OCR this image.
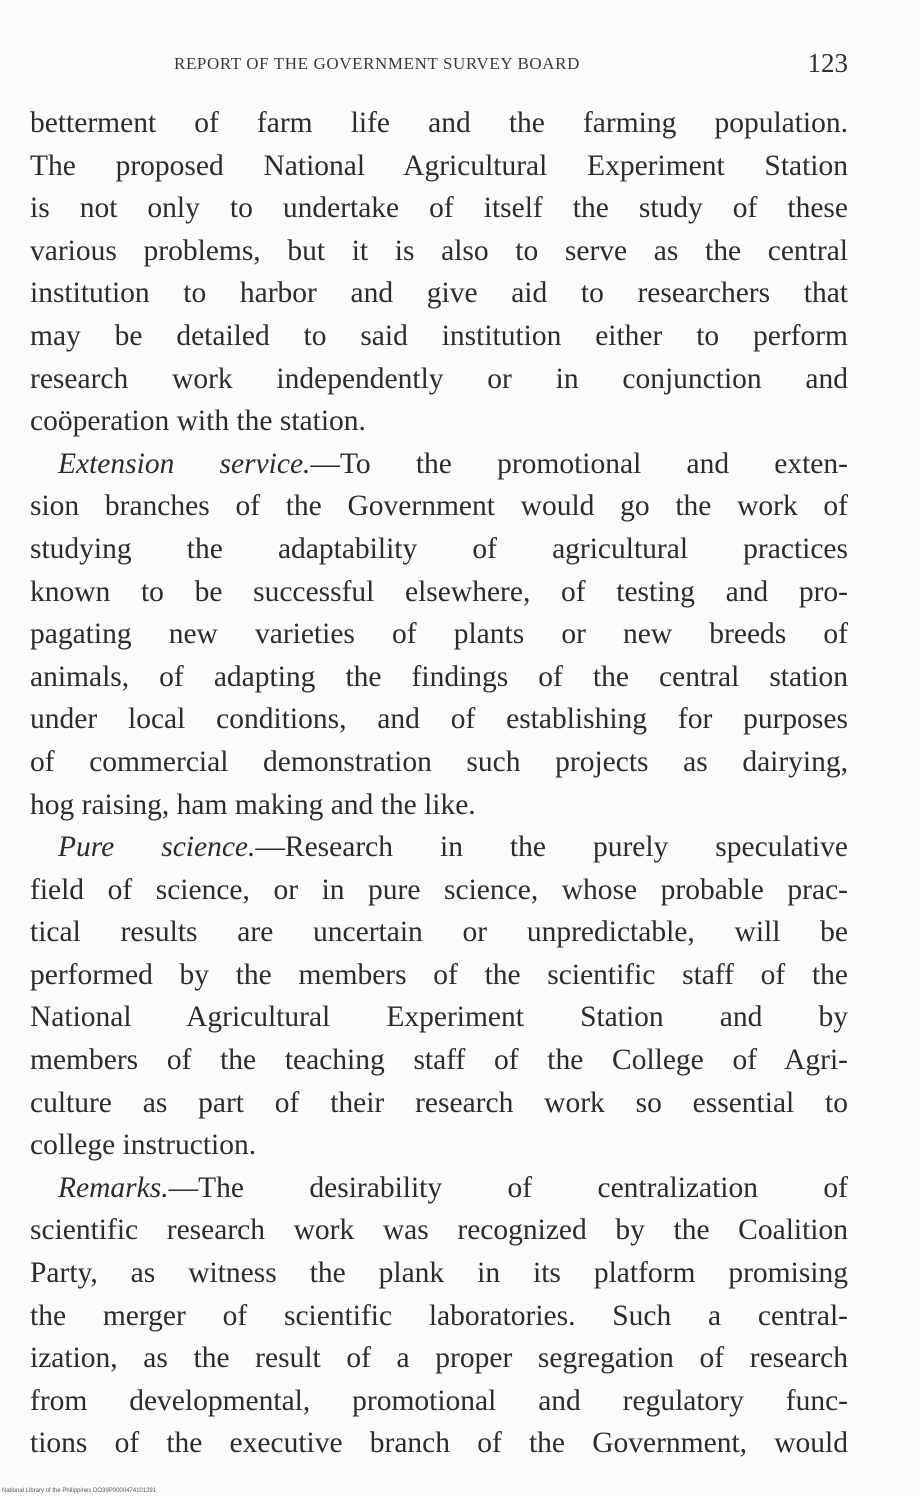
REPORT OF THE GOVERNMENT SURVEY BOARD	123
betterment of farm life and the farming population.
The proposed National Agricultural Experiment Station
is not only to undertake of itself the study of these
various problems, but it is also to serve as the central
institution to harbor and give aid to researchers that
may be detailed to said institution either to perform
research work independently or in conjunction and
coöperation with the station.
Extension service.—To the promotional and exten-
sion branches of the Government would go the work of
studying the adaptability of agricultural practices
known to be successful elsewhere, of testing and pro-
pagating new varieties of plants or new breeds of
animals, of adapting the findings of the central station
under local conditions, and of establishing for purposes
of commercial demonstration such projects as dairying,
hog raising, ham making and the like.
Pure science.—Research in the purely speculative
field of science, or in pure science, whose probable prac-
tical results are uncertain or unpredictable, will be
performed by the members of the scientific staff of the
National Agricultural Experiment Station and by
members of the teaching staff of the College of Agri-
culture as part of their research work so essential to
college instruction.
Remarks.—The desirability of centralization of
scientific research work was recognized by the Coalition
Party, as witness the plank in its platform promising
the merger of scientific laboratories. Such a central-
ization, as the result of a proper segregation of research
from developmental, promotional and regulatory func-
tions of the executive branch of the Government, would
National Library of the Philippines DO39P0000474101291
